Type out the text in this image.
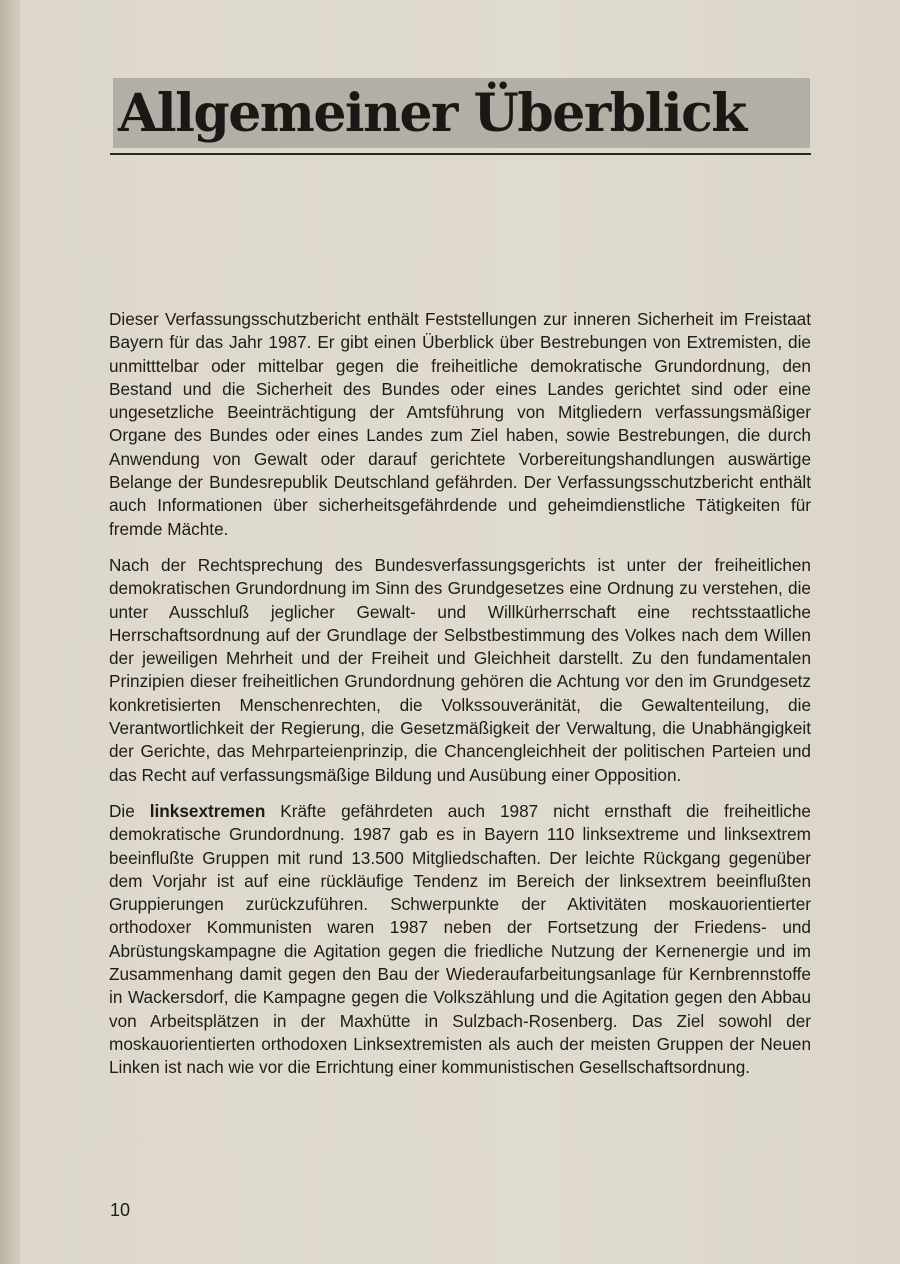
Allgemeiner Überblick

Dieser Verfassungsschutzbericht enthält Feststellungen zur inneren Sicherheit im Freistaat Bayern für das Jahr 1987. Er gibt einen Überblick über Bestrebungen von Extremisten, die unmitttelbar oder mittelbar gegen die freiheitliche demokratische Grundordnung, den Bestand und die Sicherheit des Bundes oder eines Landes gerichtet sind oder eine ungesetzliche Beeinträchtigung der Amtsführung von Mitgliedern verfassungsmäßiger Organe des Bundes oder eines Landes zum Ziel haben, sowie Bestrebungen, die durch Anwendung von Gewalt oder darauf gerichtete Vorbereitungshandlungen auswärtige Belange der Bundesrepublik Deutschland gefährden. Der Verfassungsschutzbericht enthält auch Informationen über sicherheitsgefährdende und geheimdienstliche Tätigkeiten für fremde Mächte.

Nach der Rechtsprechung des Bundesverfassungsgerichts ist unter der freiheitlichen demokratischen Grundordnung im Sinn des Grundgesetzes eine Ordnung zu verstehen, die unter Ausschluß jeglicher Gewalt- und Willkürherrschaft eine rechtsstaatliche Herrschaftsordnung auf der Grundlage der Selbstbestimmung des Volkes nach dem Willen der jeweiligen Mehrheit und der Freiheit und Gleichheit darstellt. Zu den fundamentalen Prinzipien dieser freiheitlichen Grundordnung gehören die Achtung vor den im Grundgesetz konkretisierten Menschenrechten, die Volkssouveränität, die Gewaltenteilung, die Verantwortlichkeit der Regierung, die Gesetzmäßigkeit der Verwaltung, die Unabhängigkeit der Gerichte, das Mehrparteienprinzip, die Chancengleichheit der politischen Parteien und das Recht auf verfassungsmäßige Bildung und Ausübung einer Opposition.

Die linksextremen Kräfte gefährdeten auch 1987 nicht ernsthaft die freiheitliche demokratische Grundordnung. 1987 gab es in Bayern 110 linksextreme und linksextrem beeinflußte Gruppen mit rund 13.500 Mitgliedschaften. Der leichte Rückgang gegenüber dem Vorjahr ist auf eine rückläufige Tendenz im Bereich der linksextrem beeinflußten Gruppierungen zurückzuführen. Schwerpunkte der Aktivitäten moskauorientierter orthodoxer Kommunisten waren 1987 neben der Fortsetzung der Friedens- und Abrüstungskampagne die Agitation gegen die friedliche Nutzung der Kernenergie und im Zusammenhang damit gegen den Bau der Wiederaufarbeitungsanlage für Kernbrennstoffe in Wackersdorf, die Kampagne gegen die Volkszählung und die Agitation gegen den Abbau von Arbeitsplätzen in der Maxhütte in Sulzbach-Rosenberg. Das Ziel sowohl der moskauorientierten orthodoxen Linksextremisten als auch der meisten Gruppen der Neuen Linken ist nach wie vor die Errichtung einer kommunistischen Gesellschaftsordnung.

10
